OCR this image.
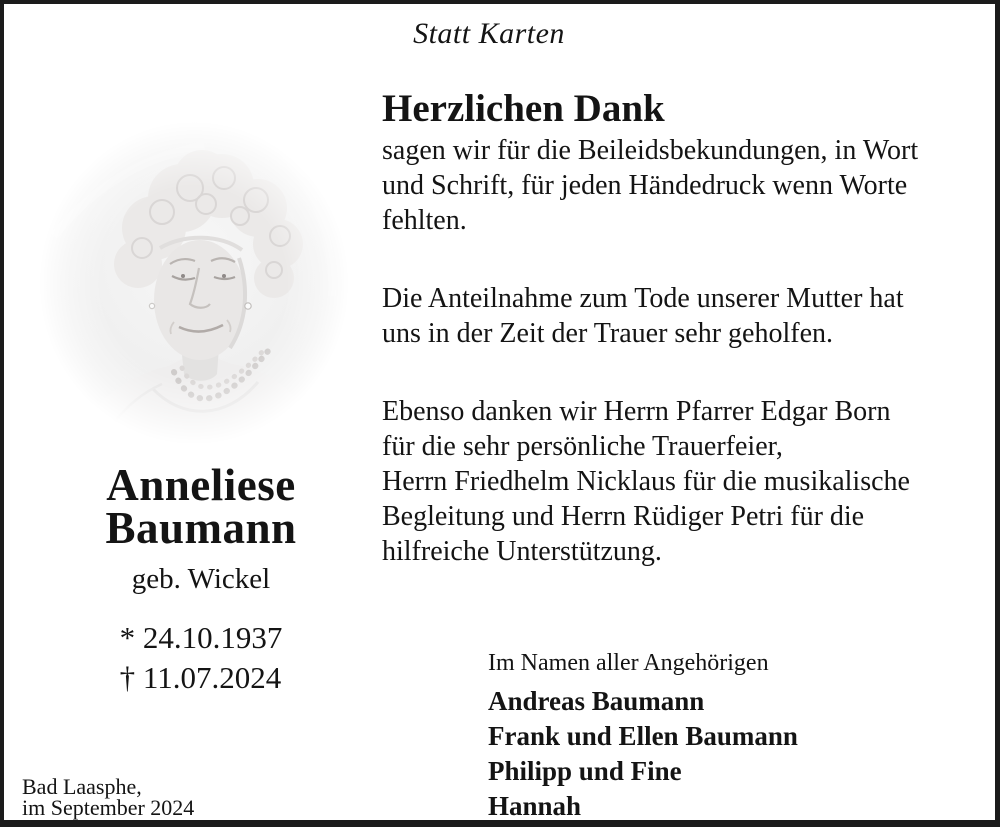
Statt Karten
Anneliese
Baumann
geb. Wickel
* 24.10.1937
† 11.07.2024
Bad Laasphe,
im September 2024
Herzlichen Dank

sagen wir für die Beileidsbekundungen, in Wort
und Schrift, für jeden Händedruck wenn Worte
fehlten.

Die Anteilnahme zum Tode unserer Mutter hat
uns in der Zeit der Trauer sehr geholfen.

Ebenso danken wir Herrn Pfarrer Edgar Born
für die sehr persönliche Trauerfeier,
Herrn Friedhelm Nicklaus für die musikalische
Begleitung und Herrn Rüdiger Petri für die
hilfreiche Unterstützung.

Im Namen aller Angehörigen
Andreas Baumann
Frank und Ellen Baumann
Philipp und Fine
Hannah
